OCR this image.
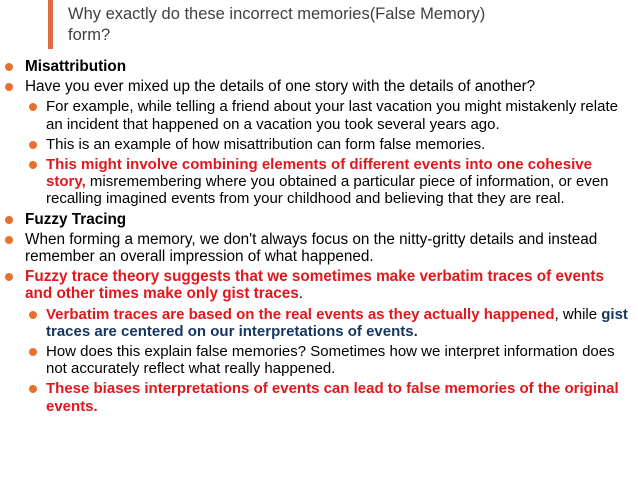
Why exactly do these incorrect memories(False Memory)
form?
Misattribution
Have you ever mixed up the details of one story with the details of another?
For example, while telling a friend about your last vacation you might mistakenly relate an incident that happened on a vacation you took several years ago.
This is an example of how misattribution can form false memories.
This might involve combining elements of different events into one cohesive story, misremembering where you obtained a particular piece of information, or even recalling imagined events from your childhood and believing that they are real.
Fuzzy Tracing
When forming a memory, we don't always focus on the nitty-gritty details and instead remember an overall impression of what happened.
Fuzzy trace theory suggests that we sometimes make verbatim traces of events and other times make only gist traces.
Verbatim traces are based on the real events as they actually happened, while gist traces are centered on our interpretations of events.
How does this explain false memories? Sometimes how we interpret information does not accurately reflect what really happened.
These biases interpretations of events can lead to false memories of the original events.
